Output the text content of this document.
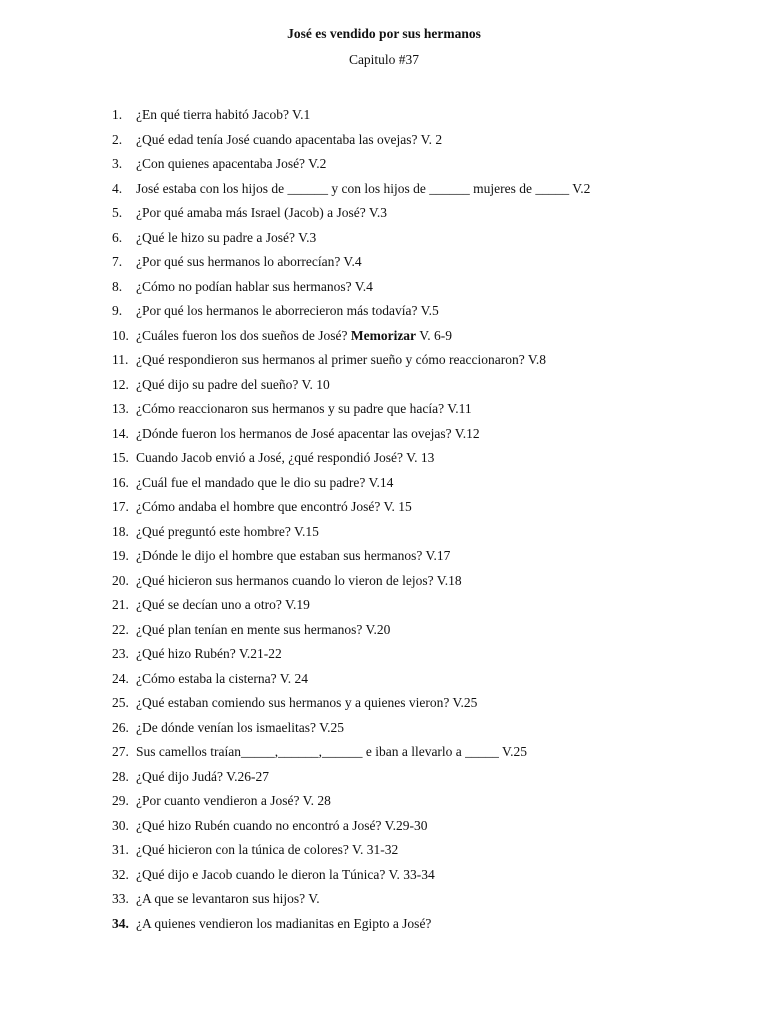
José es vendido por sus hermanos
Capitulo #37
1.	¿En qué tierra habitó Jacob? V.1
2.	¿Qué edad tenía José cuando apacentaba las ovejas? V. 2
3.	¿Con quienes apacentaba José? V.2
4.	José estaba con los hijos de ______ y con los hijos de ______ mujeres de _____ V.2
5.	¿Por qué amaba más Israel (Jacob) a José? V.3
6.	¿Qué le hizo su padre a José? V.3
7.	¿Por qué sus hermanos lo aborrecían? V.4
8.	¿Cómo no podían hablar sus hermanos? V.4
9.	¿Por qué los hermanos le aborrecieron más todavía? V.5
10. ¿Cuáles fueron los dos sueños de José? Memorizar V. 6-9
11. ¿Qué respondieron sus hermanos al primer sueño y cómo reaccionaron? V.8
12. ¿Qué dijo su padre del sueño? V. 10
13. ¿Cómo reaccionaron sus hermanos y su padre que hacía? V.11
14. ¿Dónde fueron los hermanos de José apacentar las ovejas? V.12
15. Cuando Jacob envió a José, ¿qué respondió José? V. 13
16. ¿Cuál fue el mandado que le dio su padre? V.14
17. ¿Cómo andaba el hombre que encontró José? V. 15
18. ¿Qué preguntó este hombre? V.15
19. ¿Dónde le dijo el hombre que estaban sus hermanos? V.17
20. ¿Qué hicieron sus hermanos cuando lo vieron de lejos? V.18
21. ¿Qué se decían uno a otro? V.19
22. ¿Qué plan tenían en mente sus hermanos? V.20
23. ¿Qué hizo Rubén? V.21-22
24. ¿Cómo estaba la cisterna? V. 24
25. ¿Qué estaban comiendo sus hermanos y a quienes vieron? V.25
26. ¿De dónde venían los ismaelitas? V.25
27. Sus camellos traían_____,______,______ e iban a llevarlo a _____ V.25
28. ¿Qué dijo Judá? V.26-27
29. ¿Por cuanto vendieron a José? V. 28
30. ¿Qué hizo Rubén cuando no encontró a José? V.29-30
31. ¿Qué hicieron con la túnica de colores? V. 31-32
32. ¿Qué dijo e Jacob cuando le dieron la Túnica? V. 33-34
33. ¿A que se levantaron sus hijos? V.
34. ¿A quienes vendieron los madianitas en Egipto a José?
